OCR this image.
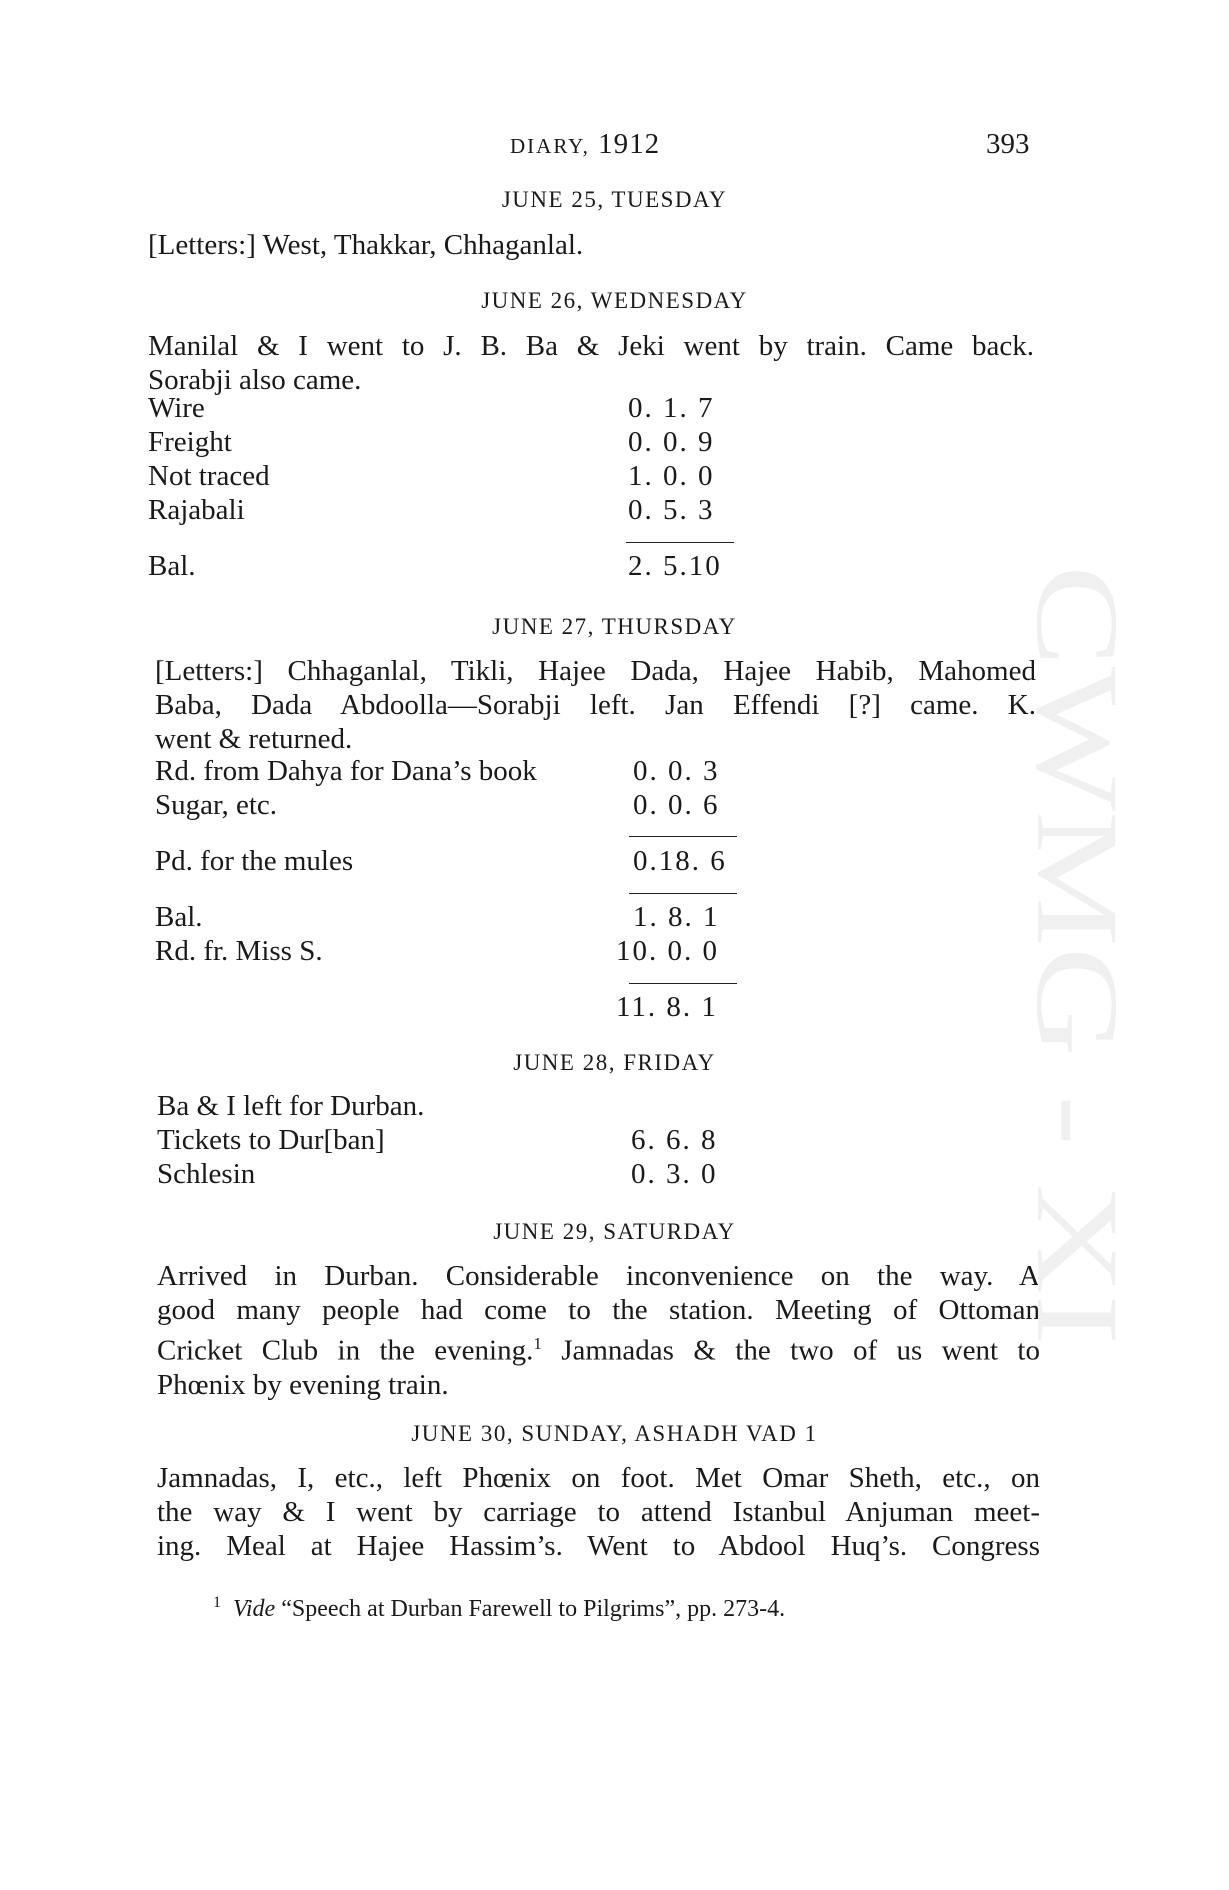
DIARY, 1912	393
JUNE 25, TUESDAY

[Letters:] West, Thakkar, Chhaganlal.

JUNE 26, WEDNESDAY

Manilal & I went to J. B. Ba & Jeki went by train. Came back.
Sorabji also came.

Wire	0. 1. 7
Freight	0. 0. 9
Not traced	1. 0. 0
Rajabali	0. 5. 3
Bal.	2. 5.10
JUNE 27, THURSDAY

[Letters:] Chhaganlal, Tikli, Hajee Dada, Hajee Habib, Mahomed
Baba, Dada Abdoolla—Sorabji left. Jan Effendi [?] came. K.
went & returned.

Rd. from Dahya for Dana’s book	0. 0. 3
Sugar, etc.	0. 0. 6
Pd. for the mules	0.18. 6
Bal.	1. 8. 1
Rd. fr. Miss S.	10. 0. 0
11. 8. 1
JUNE 28, FRIDAY
Ba & I left for Durban.
Tickets to Dur[ban]	6. 6. 8
Schlesin	0. 3. 0
JUNE 29, SATURDAY

Arrived in Durban. Considerable inconvenience on the way. A
good many people had come to the station. Meeting of Ottoman
Cricket Club in the evening.$^1$ Jamnadas & the two of us went to
Phœnix by evening train.

JUNE 30, SUNDAY, ASHADH VAD 1

Jamnadas, I, etc., left Phœnix on foot. Met Omar Sheth, etc., on
the way & I went by carriage to attend Istanbul Anjuman meet-
ing. Meal at Hajee Hassim’s. Went to Abdool Huq’s. Congress

$^1$ Vide “Speech at Durban Farewell to Pilgrims”, pp. 273-4.
CWMG - XI
